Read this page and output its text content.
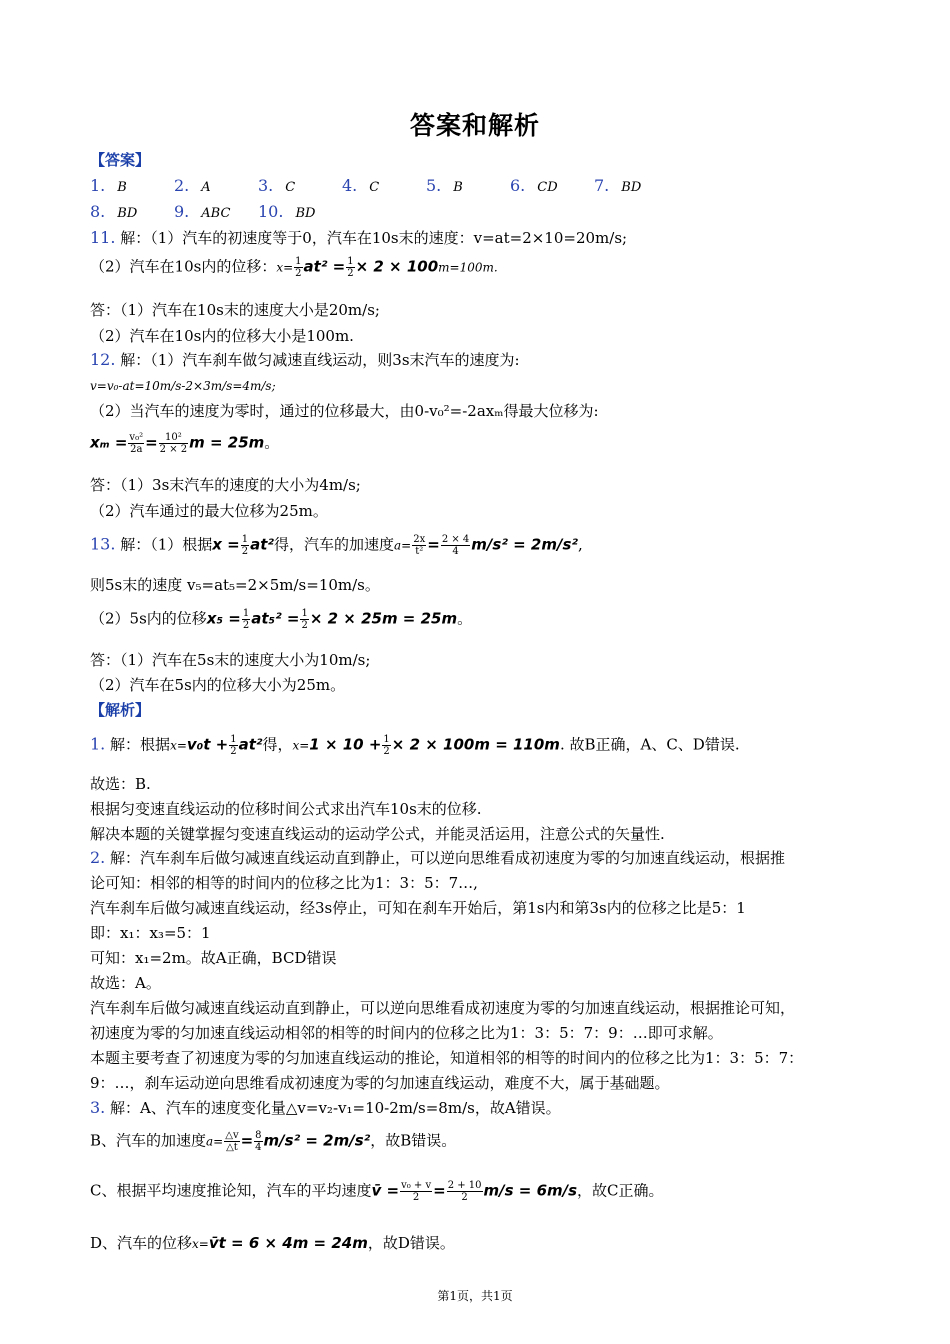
答案和解析
【答案】
1. B	2. A	3. C	4. C	5. B	6. CD 7. BD
8. BD 9. ABC 10. BD
11. 解：（1）汽车的初速度等于0，汽车在10s末的速度：v=at=2×10=20m/s;
（2）汽车在10s内的位移：$x= \frac{1}{2} at^2 = \frac{1}{2} \times 2 \times 100m=100m$.
答：（1）汽车在10s末的速度大小是20m/s;
（2）汽车在10s内的位移大小是100m.
12. 解：（1）汽车刹车做匀减速直线运动，则3s末汽车的速度为:
v=v₀-at=10m/s-2×3m/s=4m/s;
（2）当汽车的速度为零时，通过的位移最大，由0-v₀²=-2axₘ得最大位移为:
$x_m = \frac{\text{v₀²}}{2a} = \frac{\text{10²}}{2 \times 2}$ m = 25m。
答：（1）3s末汽车的速度的大小为4m/s;
（2）汽车通过的最大位移为25m。
13. 解：（1）根据$x = \frac{1}{2} at^2$得，汽车的加速度$a= \frac{2x}{\text{t²}} = \frac{2 \times 4}{4} m/s^2 = 2m/s^2$,
则5s末的速度 v₅=at₅=2×5m/s=10m/s。
（2）5s内的位移$x_5 = \frac{1}{2} at_5^2 = \frac{1}{2} \times 2 \times 25m = 25m$。
答：（1）汽车在5s末的速度大小为10m/s;
（2）汽车在5s内的位移大小为25m。
【解析】
1. 解：根据$x=v_0t + \frac{1}{2} at^2$得，$x=1 \times 10 + \frac{1}{2} \times 2 \times 100m = 110m$. 故B正确，A、C、D错误.
故选：B.
根据匀变速直线运动的位移时间公式求出汽车10s末的位移.
解决本题的关键掌握匀变速直线运动的运动学公式，并能灵活运用，注意公式的矢量性.
2. 解：汽车刹车后做匀减速直线运动直到静止，可以逆向思维看成初速度为零的匀加速直线运动，根据推
论可知：相邻的相等的时间内的位移之比为1：3：5：7…,
汽车刹车后做匀减速直线运动，经3s停止，可知在刹车开始后，第1s内和第3s内的位移之比是5：1
即：x₁：x₃=5：1
可知：x₁=2m。故A正确，BCD错误
故选：A。
汽车刹车后做匀减速直线运动直到静止，可以逆向思维看成初速度为零的匀加速直线运动，根据推论可知，
初速度为零的匀加速直线运动相邻的相等的时间内的位移之比为1：3：5：7：9：…即可求解。
本题主要考查了初速度为零的匀加速直线运动的推论，知道相邻的相等的时间内的位移之比为1：3：5：7：
9：…，刹车运动逆向思维看成初速度为零的匀加速直线运动，难度不大，属于基础题。
3. 解：A、汽车的速度变化量△v=v₂-v₁=10-2m/s=8m/s，故A错误。
B、汽车的加速度$a= \frac{\triangle v}{\triangle t} = \frac{8}{4} m/s^2 = 2m/s^2$，故B错误。
C、根据平均速度推论知，汽车的平均速度v̄ = $\frac{\text{v₀ + v}}{2} = \frac{2 + 10}{2} m/s = 6m/s$，故C正确。
D、汽车的位移x=v̄t = 6 × 4m = 24m，故D错误。
第1页，共1页
